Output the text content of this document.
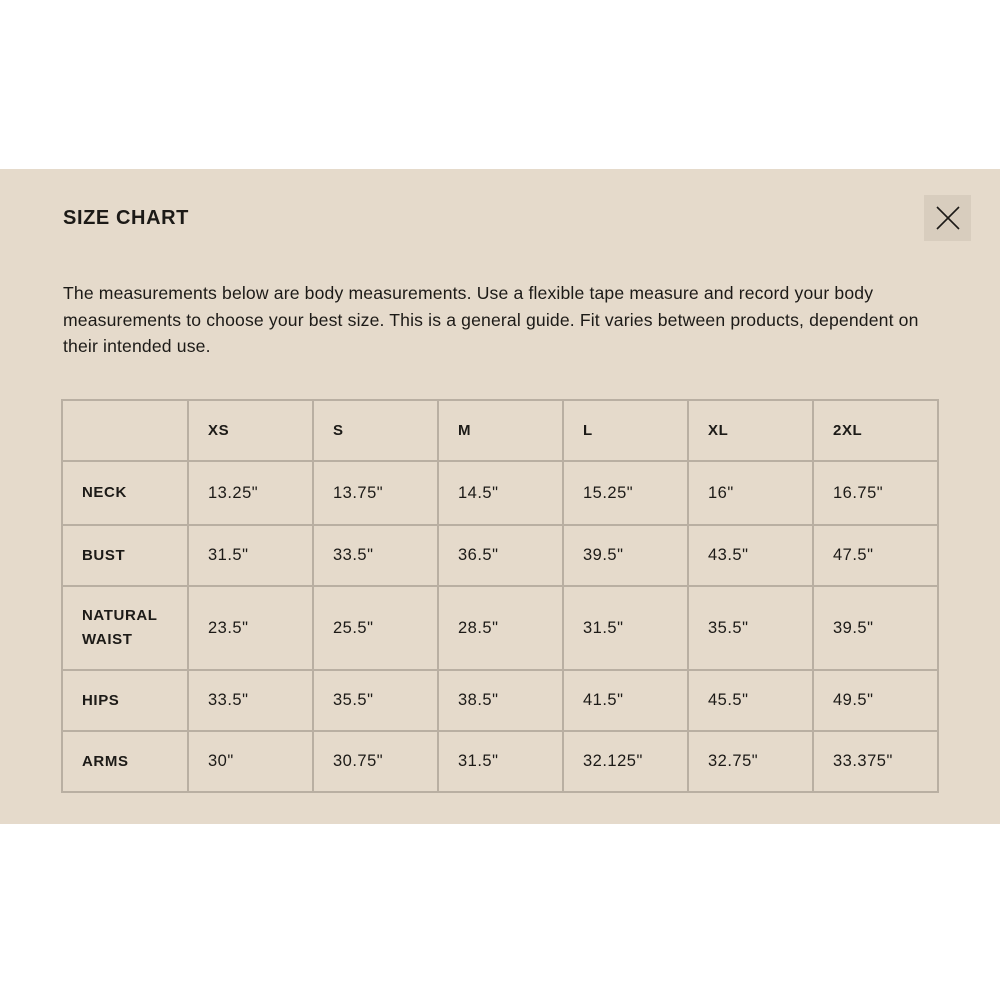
SIZE CHART

The measurements below are body measurements. Use a flexible tape measure and record your body measurements to choose your best size. This is a general guide. Fit varies between products, dependent on their intended use.

	XS	S	M	L	XL	2XL
NECK	13.25"	13.75"	14.5"	15.25"	16"	16.75"
BUST	31.5"	33.5"	36.5"	39.5"	43.5"	47.5"
NATURAL
WAIST	23.5"	25.5"	28.5"	31.5"	35.5"	39.5"
HIPS	33.5"	35.5"	38.5"	41.5"	45.5"	49.5"
ARMS	30"	30.75"	31.5"	32.125"	32.75"	33.375"
